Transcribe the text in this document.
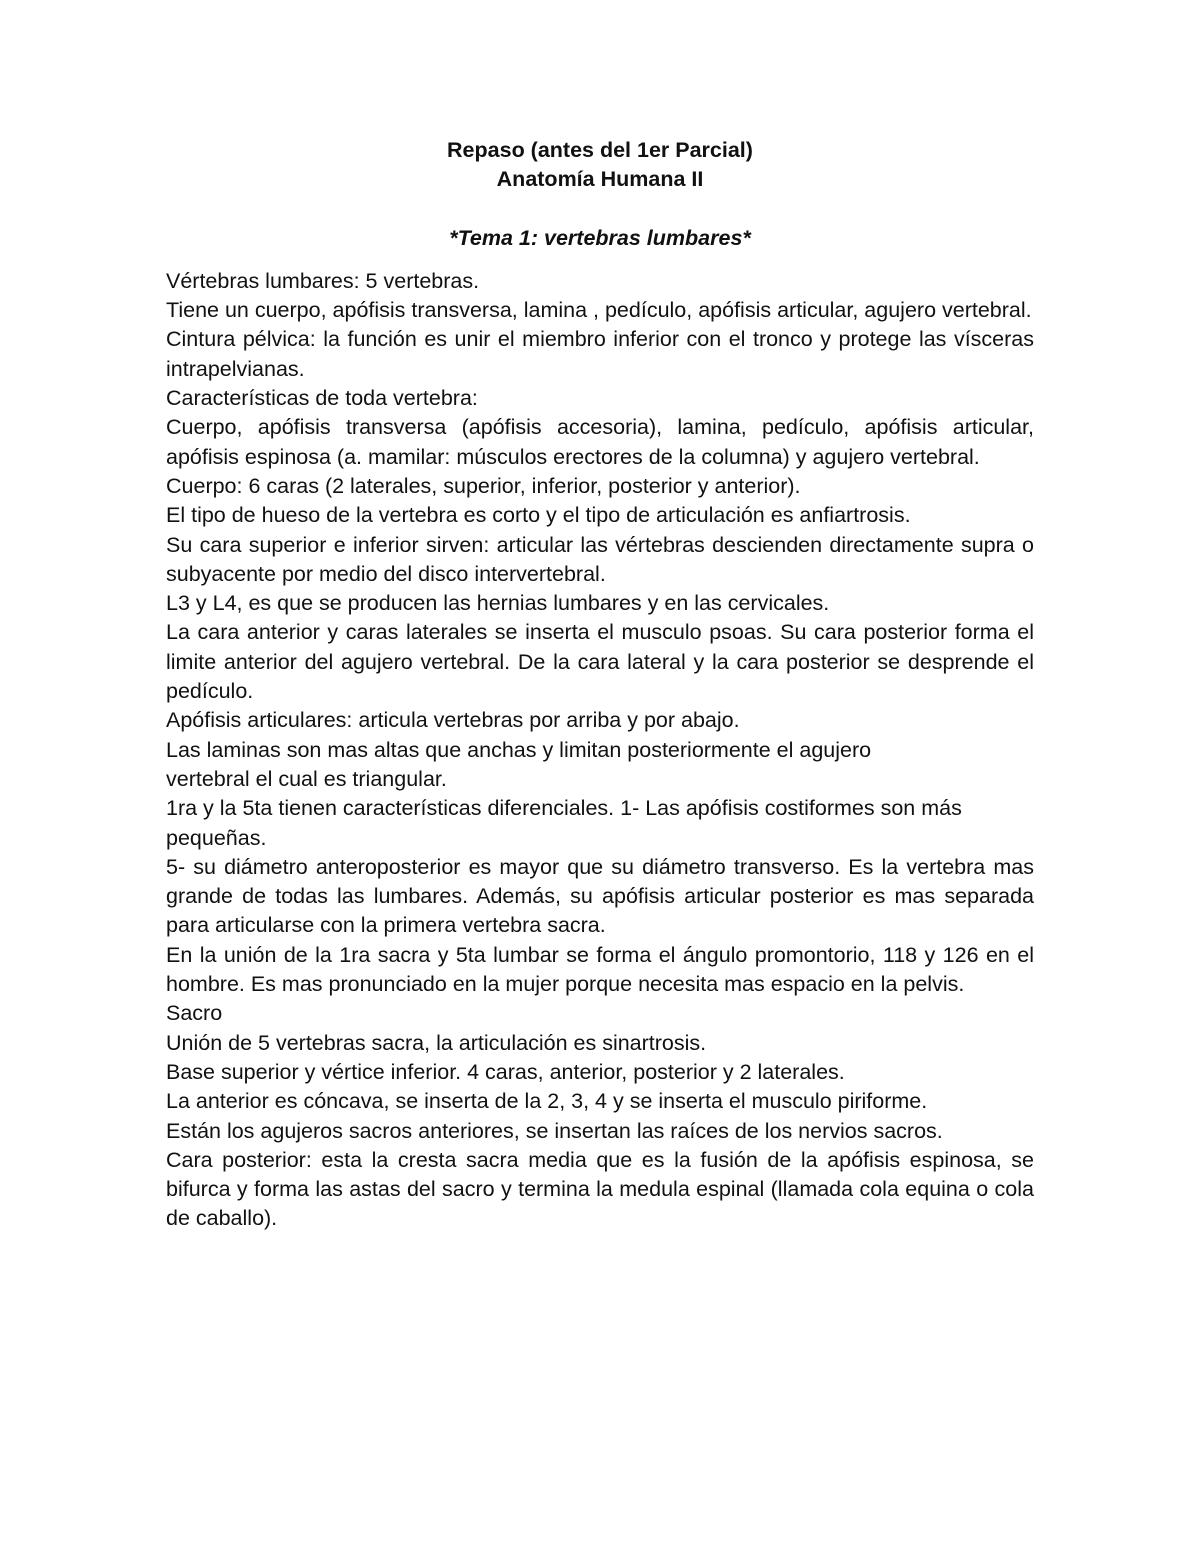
Repaso (antes del 1er Parcial)

Anatomía Humana II

*Tema 1: vertebras lumbares*

Vértebras lumbares: 5 vertebras.

Tiene un cuerpo, apófisis transversa, lamina , pedículo, apófisis articular, agujero vertebral.

Cintura pélvica: la función es unir el miembro inferior con el tronco y protege las vísceras intrapelvianas.

Características de toda vertebra:

Cuerpo, apófisis transversa (apófisis accesoria), lamina, pedículo, apófisis articular, apófisis espinosa (a. mamilar: músculos erectores de la columna) y agujero vertebral.

Cuerpo: 6 caras (2 laterales, superior, inferior, posterior y anterior).

El tipo de hueso de la vertebra es corto y el tipo de articulación es anfiartrosis.

Su cara superior e inferior sirven: articular las vértebras descienden directamente supra o subyacente por medio del disco intervertebral.

L3 y L4, es que se producen las hernias lumbares y en las cervicales.

La cara anterior y caras laterales se inserta el musculo psoas. Su cara posterior forma el limite anterior del agujero vertebral. De la cara lateral y la cara posterior se desprende el pedículo.

Apófisis articulares: articula vertebras por arriba y por abajo.

Las laminas son mas altas que anchas y limitan posteriormente el agujero vertebral el cual es triangular.

1ra y la 5ta tienen características diferenciales. 1- Las apófisis costiformes son más pequeñas.

5- su diámetro anteroposterior es mayor que su diámetro transverso. Es la vertebra mas grande de todas las lumbares. Además, su apófisis articular posterior es mas separada para articularse con la primera vertebra sacra.

En la unión de la 1ra sacra y 5ta lumbar se forma el ángulo promontorio, 118 y 126 en el hombre. Es mas pronunciado en la mujer porque necesita mas espacio en la pelvis.

Sacro

Unión de 5 vertebras sacra, la articulación es sinartrosis.

Base superior y vértice inferior. 4 caras, anterior, posterior y 2 laterales.

La anterior es cóncava, se inserta de la 2, 3, 4 y se inserta el musculo piriforme.

Están los agujeros sacros anteriores, se insertan las raíces de los nervios sacros.

Cara posterior: esta la cresta sacra media que es la fusión de la apófisis espinosa, se bifurca y forma las astas del sacro y termina la medula espinal (llamada cola equina o cola de caballo).
